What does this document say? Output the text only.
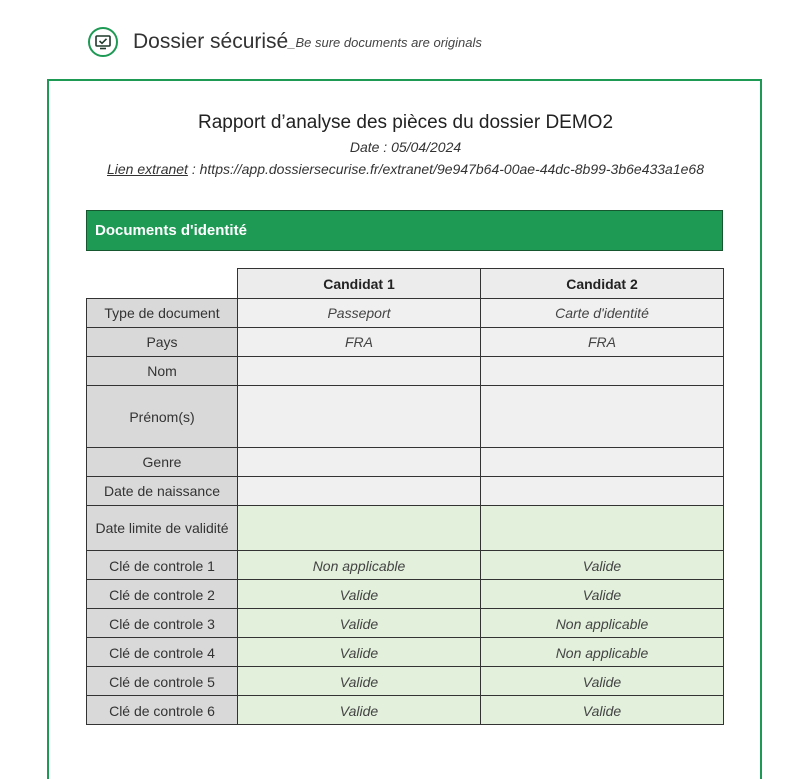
Dossier sécurisé _Be sure documents are originals
Rapport d’analyse des pièces du dossier DEMO2
Date : 05/04/2024
Lien extranet : https://app.dossiersecurise.fr/extranet/9e947b64-00ae-44dc-8b99-3b6e433a1e68
Documents d'identité
	Candidat 1	Candidat 2
Type de document	Passeport	Carte d'identité
Pays	FRA	FRA
Nom		
Prénom(s)		
Genre		
Date de naissance		
Date limite de validité		
Clé de controle 1	Non applicable	Valide
Clé de controle 2	Valide	Valide
Clé de controle 3	Valide	Non applicable
Clé de controle 4	Valide	Non applicable
Clé de controle 5	Valide	Valide
Clé de controle 6	Valide	Valide
